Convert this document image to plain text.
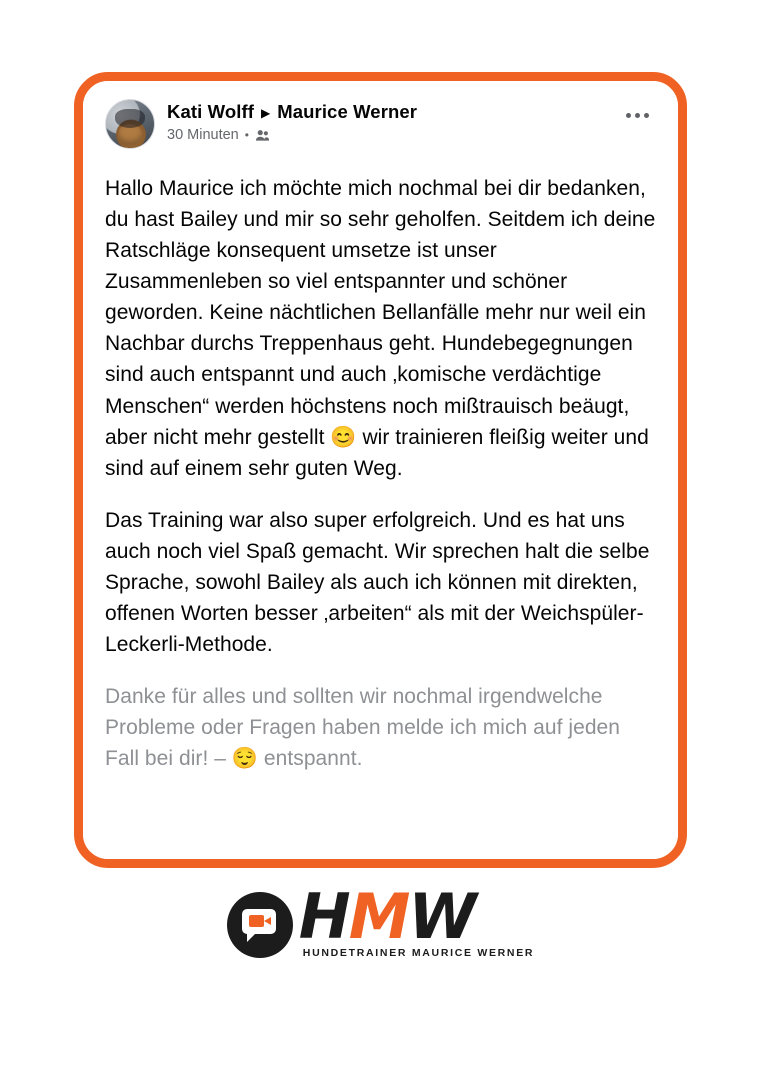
Kati Wolff ▶ Maurice Werner
30 Minuten •

Hallo Maurice ich möchte mich nochmal bei dir bedanken, du hast Bailey und mir so sehr geholfen. Seitdem ich deine Ratschläge konsequent umsetze ist unser Zusammenleben so viel entspannter und schöner geworden. Keine nächtlichen Bellanfälle mehr nur weil ein Nachbar durchs Treppenhaus geht. Hundebegegnungen sind auch entspannt und auch ‚komische verdächtige Menschen“ werden höchstens noch mißtrauisch beäugt, aber nicht mehr gestellt 😊 wir trainieren fleißig weiter und sind auf einem sehr guten Weg.

Das Training war also super erfolgreich. Und es hat uns auch noch viel Spaß gemacht. Wir sprechen halt die selbe Sprache, sowohl Bailey als auch ich können mit direkten, offenen Worten besser ‚arbeiten“ als mit der Weichspüler-Leckerli-Methode.

Danke für alles und sollten wir nochmal irgendwelche Probleme oder Fragen haben melde ich mich auf jeden Fall bei dir! – 😌 entspannt.

HMW
HUNDETRAINER MAURICE WERNER
